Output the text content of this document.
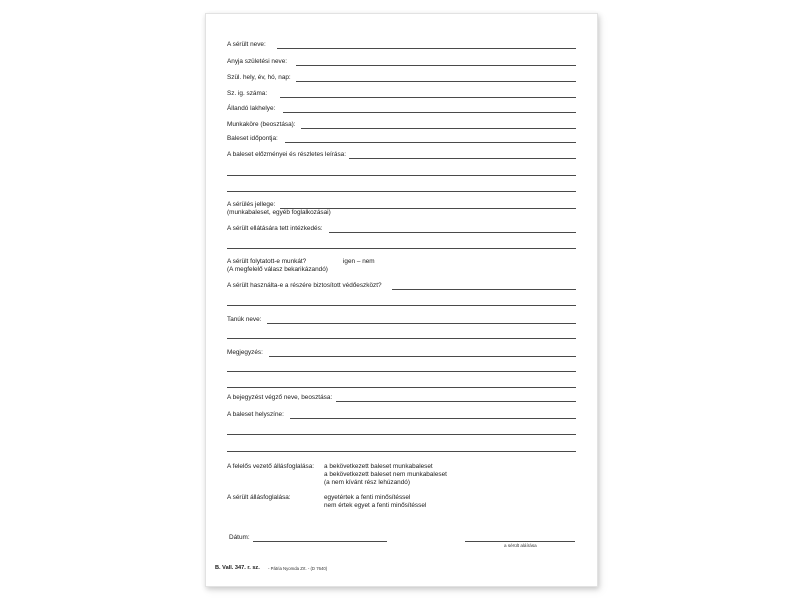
A sérült neve:
Anyja születési neve:
Szül. hely, év, hó, nap:
Sz. ig. száma:
Állandó lakhelye:
Munkaköre (beosztása):
Baleset időpontja:
A baleset előzményei és részletes leírása:
A sérülés jellege:
(munkabaleset, egyéb foglalkozásai)
A sérült ellátására tett intézkedés:
A sérült folytatott-e munkát?	igen – nem
(A megfelelő válasz bekarikázandó)
A sérült használta-e a részére biztosított védőeszközt?
Tanúk neve:
Megjegyzés:
A bejegyzést végző neve, beosztása:
A baleset helyszíne:
A felelős vezető állásfoglalása: a bekövetkezett baleset munkabaleset
a bekövetkezett baleset nem munkabaleset
(a nem kívánt rész lehúzandó)
A sérült állásfoglalása:	egyetértek a fenti minősítéssel
nem értek egyet a fenti minősítéssel
Dátum:
a sérült aláírása
B. Vall. 347. r. sz. - Pátria Nyomda Zrt. - (D 7640)
